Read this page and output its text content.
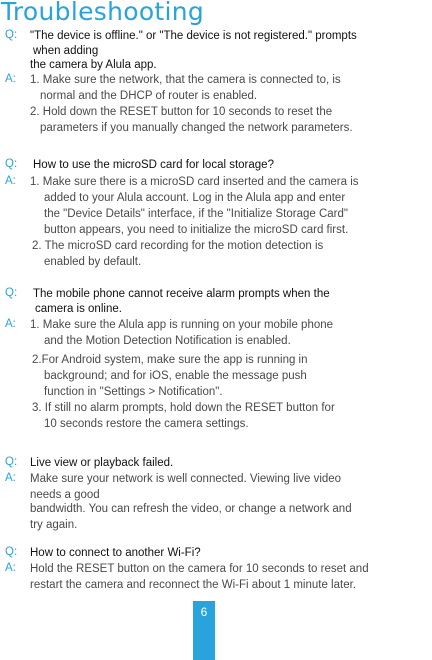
Troubleshooting
Q: "The device is offline." or "The device is not registered." prompts
when adding
the camera by Alula app.
A: 1. Make sure the network, that the camera is connected to, is
normal and the DHCP of router is enabled.
2. Hold down the RESET button for 10 seconds to reset the
parameters if you manually changed the network parameters.
Q: How to use the microSD card for local storage?
A: 1. Make sure there is a microSD card inserted and the camera is
added to your Alula account. Log in the Alula app and enter
the "Device Details" interface, if the "Initialize Storage Card"
button appears, you need to initialize the microSD card first.
2. The microSD card recording for the motion detection is
enabled by default.
Q: The mobile phone cannot receive alarm prompts when the
camera is online.
A: 1. Make sure the Alula app is running on your mobile phone
and the Motion Detection Notification is enabled.
2.For Android system, make sure the app is running in
background; and for iOS, enable the message push
function in "Settings > Notification".
3. If still no alarm prompts, hold down the RESET button for
10 seconds restore the camera settings.
Q: Live view or playback failed.
A: Make sure your network is well connected. Viewing live video
needs a good
bandwidth. You can refresh the video, or change a network and
try again.
Q: How to connect to another Wi-Fi?
A: Hold the RESET button on the camera for 10 seconds to reset and
restart the camera and reconnect the Wi-Fi about 1 minute later.
6
